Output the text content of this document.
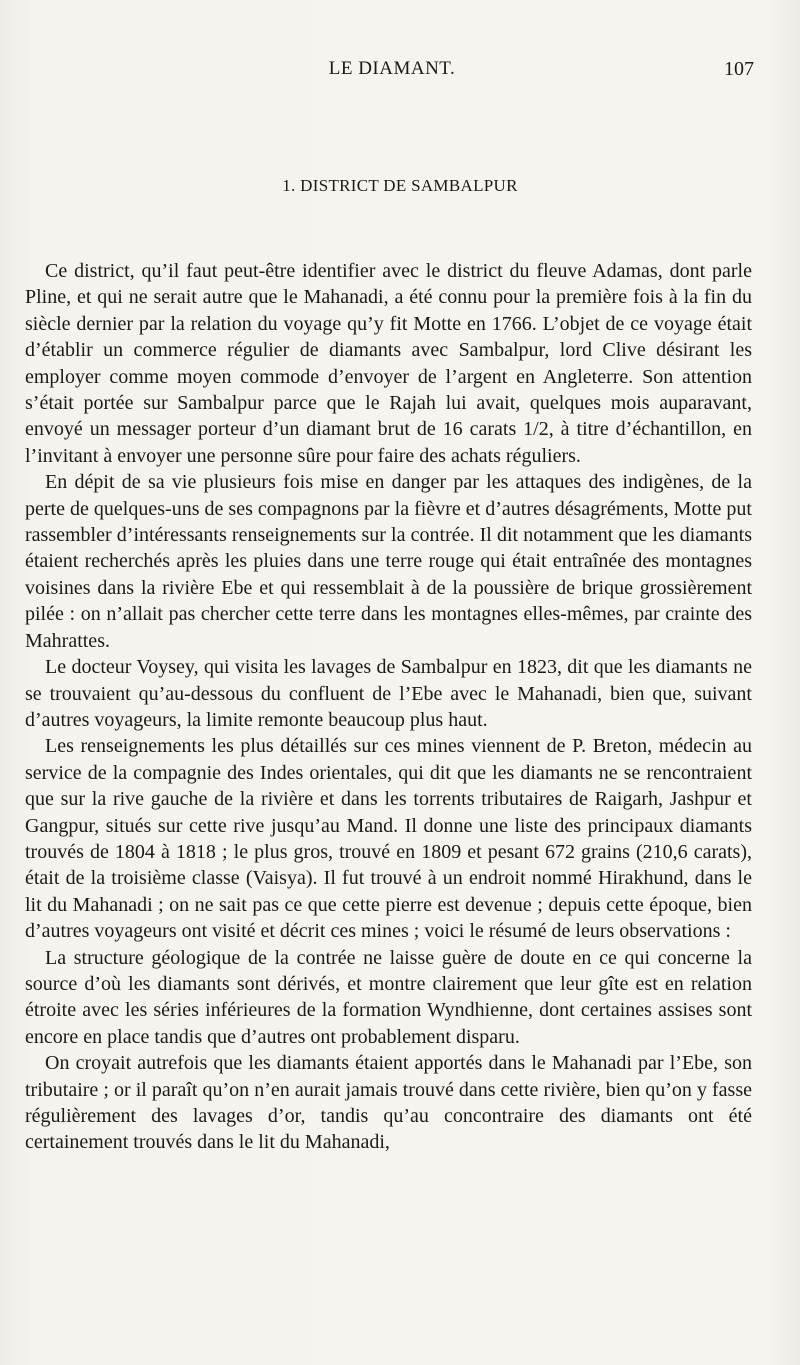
LE DIAMANT.	107
1. DISTRICT DE SAMBALPUR

Ce district, qu’il faut peut-être identifier avec le district du fleuve Adamas, dont parle Pline, et qui ne serait autre que le Mahanadi, a été connu pour la première fois à la fin du siècle dernier par la relation du voyage qu’y fit Motte en 1766. L’objet de ce voyage était d’établir un commerce régulier de diamants avec Sambalpur, lord Clive désirant les employer comme moyen commode d’envoyer de l’argent en Angleterre. Son attention s’était portée sur Sambalpur parce que le Rajah lui avait, quelques mois auparavant, envoyé un messager porteur d’un diamant brut de 16 carats 1/2, à titre d’échantillon, en l’invitant à envoyer une personne sûre pour faire des achats réguliers.

En dépit de sa vie plusieurs fois mise en danger par les attaques des indigènes, de la perte de quelques-uns de ses compagnons par la fièvre et d’autres désagréments, Motte put rassembler d’intéressants renseignements sur la contrée. Il dit notamment que les diamants étaient recherchés après les pluies dans une terre rouge qui était entraînée des montagnes voisines dans la rivière Ebe et qui ressemblait à de la poussière de brique grossièrement pilée : on n’allait pas chercher cette terre dans les montagnes elles-mêmes, par crainte des Mahrattes.

Le docteur Voysey, qui visita les lavages de Sambalpur en 1823, dit que les diamants ne se trouvaient qu’au-dessous du confluent de l’Ebe avec le Mahanadi, bien que, suivant d’autres voyageurs, la limite remonte beaucoup plus haut.

Les renseignements les plus détaillés sur ces mines viennent de P. Breton, médecin au service de la compagnie des Indes orientales, qui dit que les diamants ne se rencontraient que sur la rive gauche de la rivière et dans les torrents tributaires de Raigarh, Jashpur et Gangpur, situés sur cette rive jusqu’au Mand. Il donne une liste des principaux diamants trouvés de 1804 à 1818 ; le plus gros, trouvé en 1809 et pesant 672 grains (210,6 carats), était de la troisième classe (Vaisya). Il fut trouvé à un endroit nommé Hirakhund, dans le lit du Mahanadi ; on ne sait pas ce que cette pierre est devenue ; depuis cette époque, bien d’autres voyageurs ont visité et décrit ces mines ; voici le résumé de leurs observations :

La structure géologique de la contrée ne laisse guère de doute en ce qui concerne la source d’où les diamants sont dérivés, et montre clairement que leur gîte est en relation étroite avec les séries inférieures de la formation Wyndhienne, dont certaines assises sont encore en place tandis que d’autres ont probablement disparu.

On croyait autrefois que les diamants étaient apportés dans le Mahanadi par l’Ebe, son tributaire ; or il paraît qu’on n’en aurait jamais trouvé dans cette rivière, bien qu’on y fasse régulièrement des lavages d’or, tandis qu’au concontraire des diamants ont été certainement trouvés dans le lit du Mahanadi,
